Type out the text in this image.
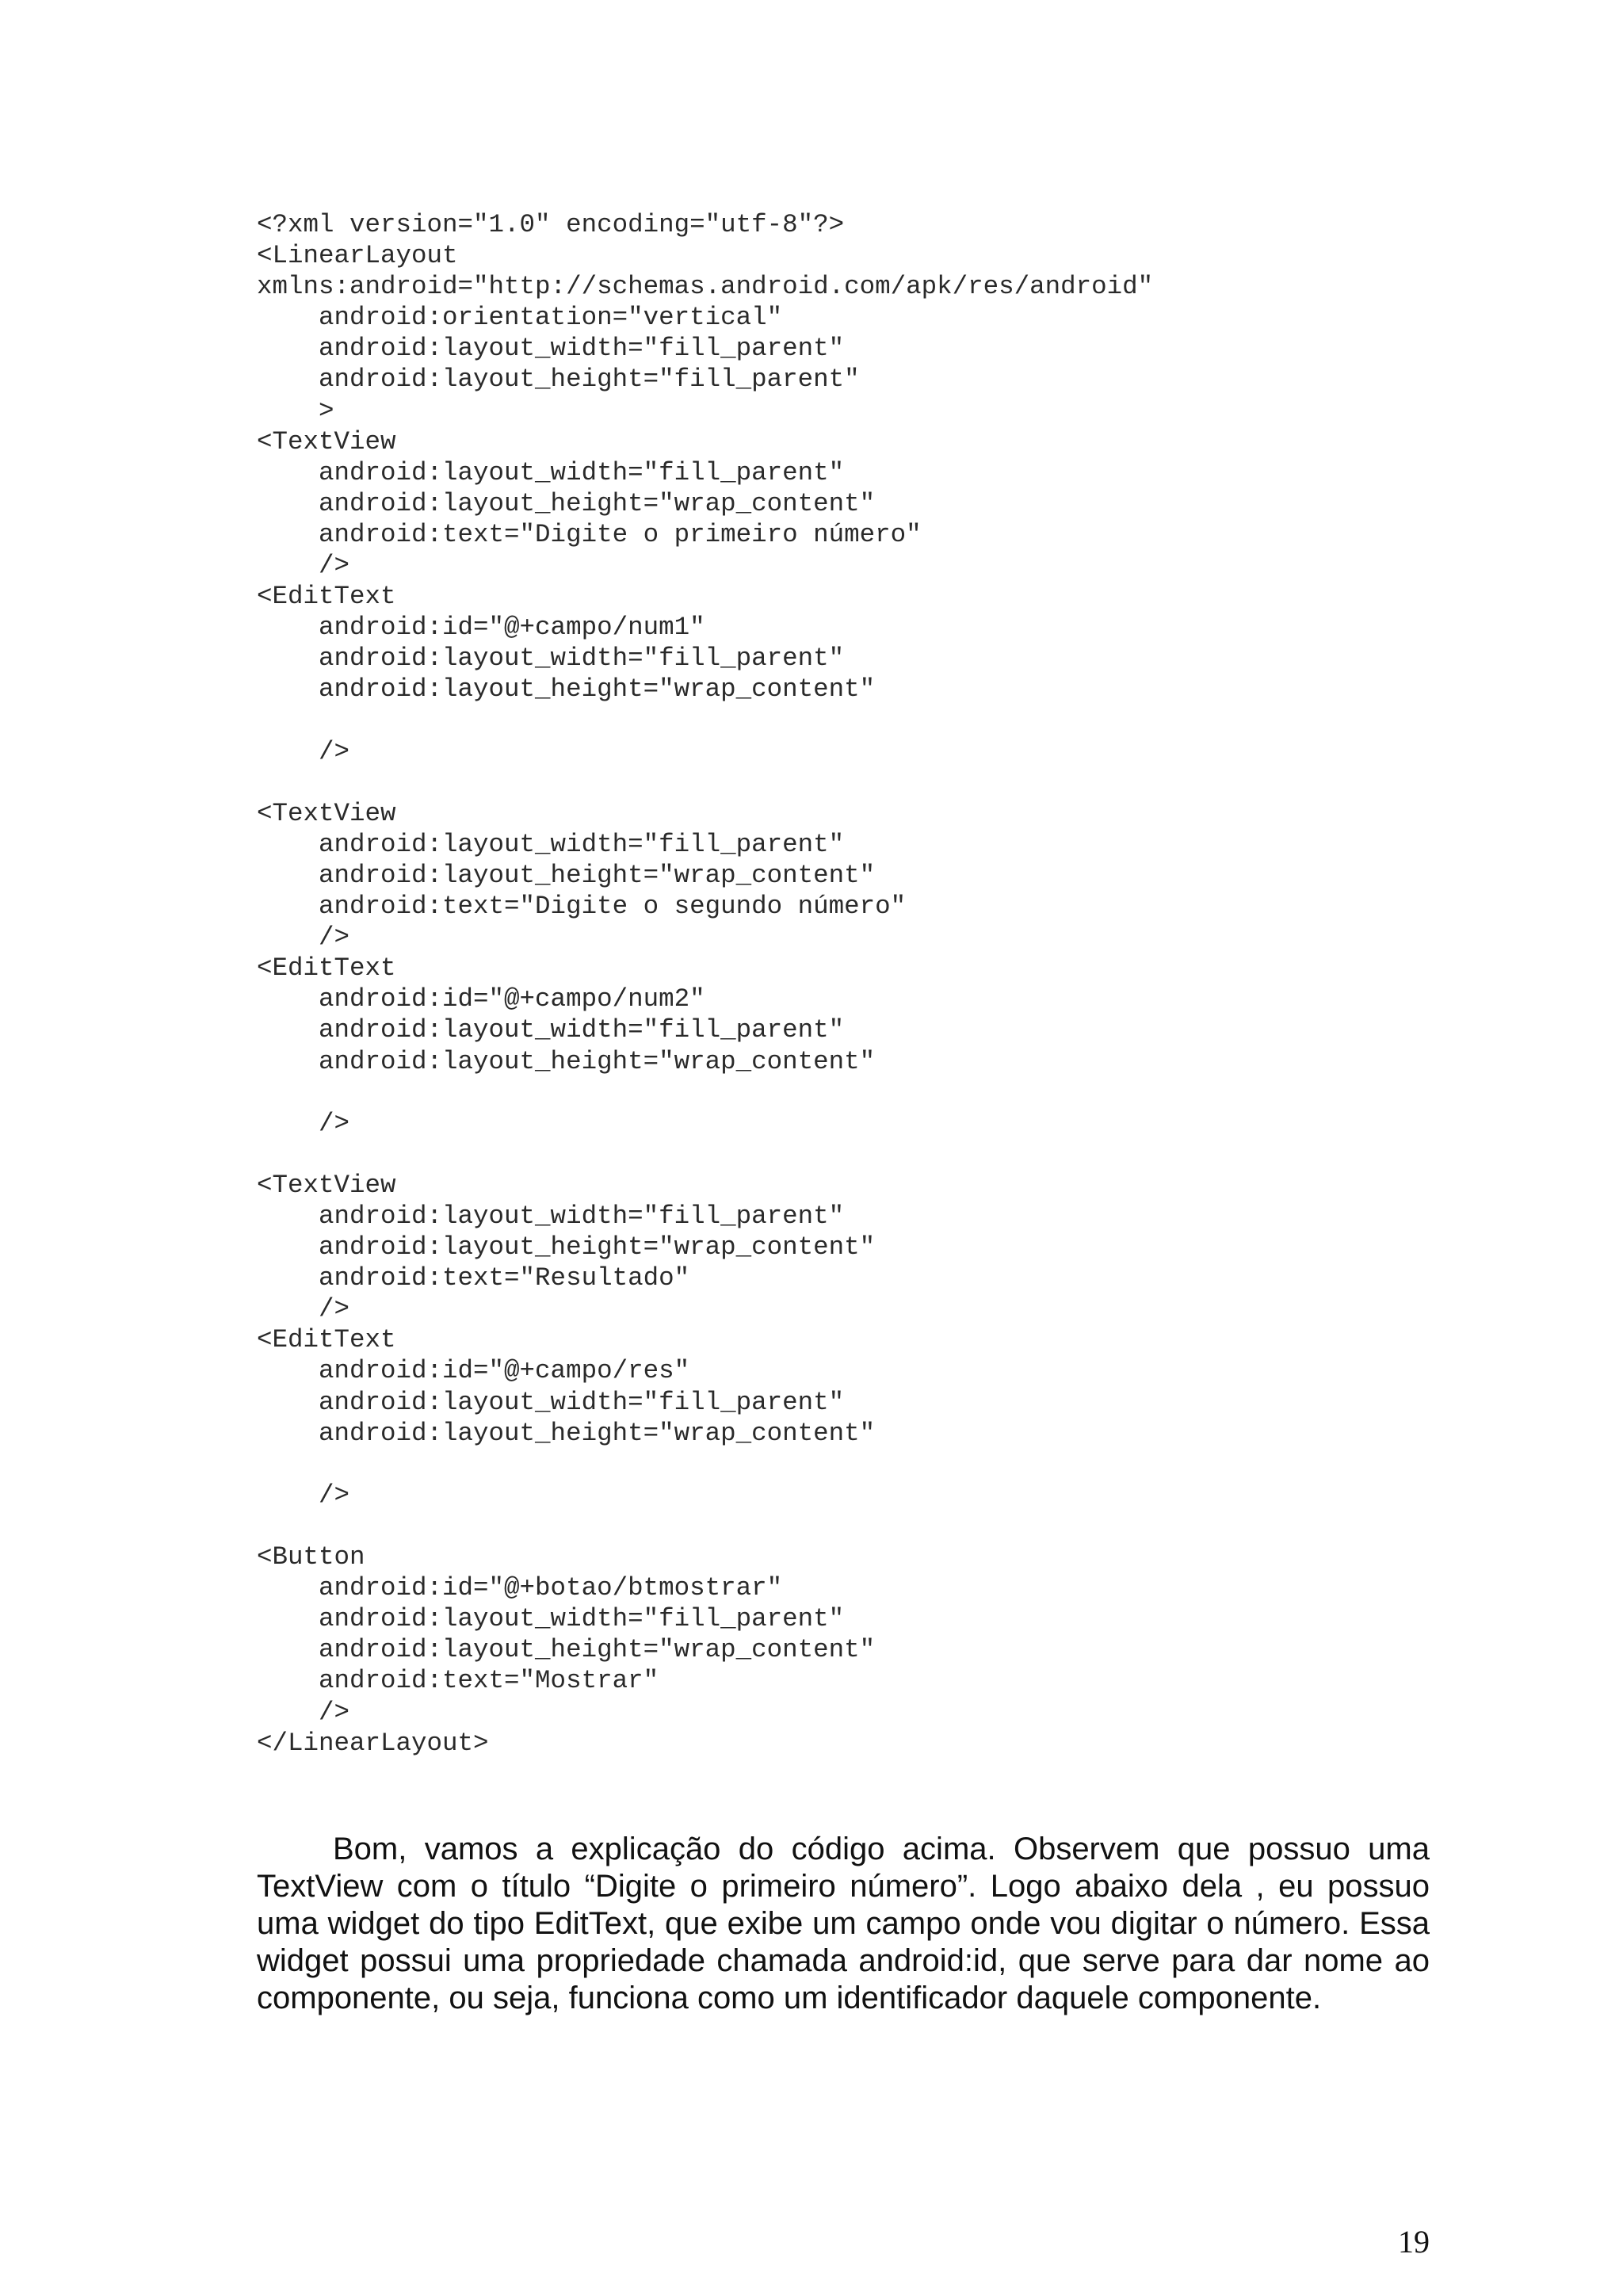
<?xml version="1.0" encoding="utf-8"?>
<LinearLayout
xmlns:android="http://schemas.android.com/apk/res/android"
android:orientation="vertical"
android:layout_width="fill_parent"
android:layout_height="fill_parent"
>
<TextView
android:layout_width="fill_parent"
android:layout_height="wrap_content"
android:text="Digite o primeiro número"
/>
<EditText
android:id="@+campo/num1"
android:layout_width="fill_parent"
android:layout_height="wrap_content"
/>
<TextView
android:layout_width="fill_parent"
android:layout_height="wrap_content"
android:text="Digite o segundo número"
/>
<EditText
android:id="@+campo/num2"
android:layout_width="fill_parent"
android:layout_height="wrap_content"
/>
<TextView
android:layout_width="fill_parent"
android:layout_height="wrap_content"
android:text="Resultado"
/>
<EditText
android:id="@+campo/res"
android:layout_width="fill_parent"
android:layout_height="wrap_content"
/>
<Button
android:id="@+botao/btmostrar"
android:layout_width="fill_parent"
android:layout_height="wrap_content"
android:text="Mostrar"
/>
</LinearLayout>

Bom, vamos a explicação do código acima. Observem que possuo uma TextView com o título “Digite o primeiro número”. Logo abaixo dela , eu possuo uma widget do tipo EditText, que exibe um campo onde vou digitar o número. Essa widget possui uma propriedade chamada android:id, que serve para dar nome ao componente, ou seja, funciona como um identificador daquele componente.

19
